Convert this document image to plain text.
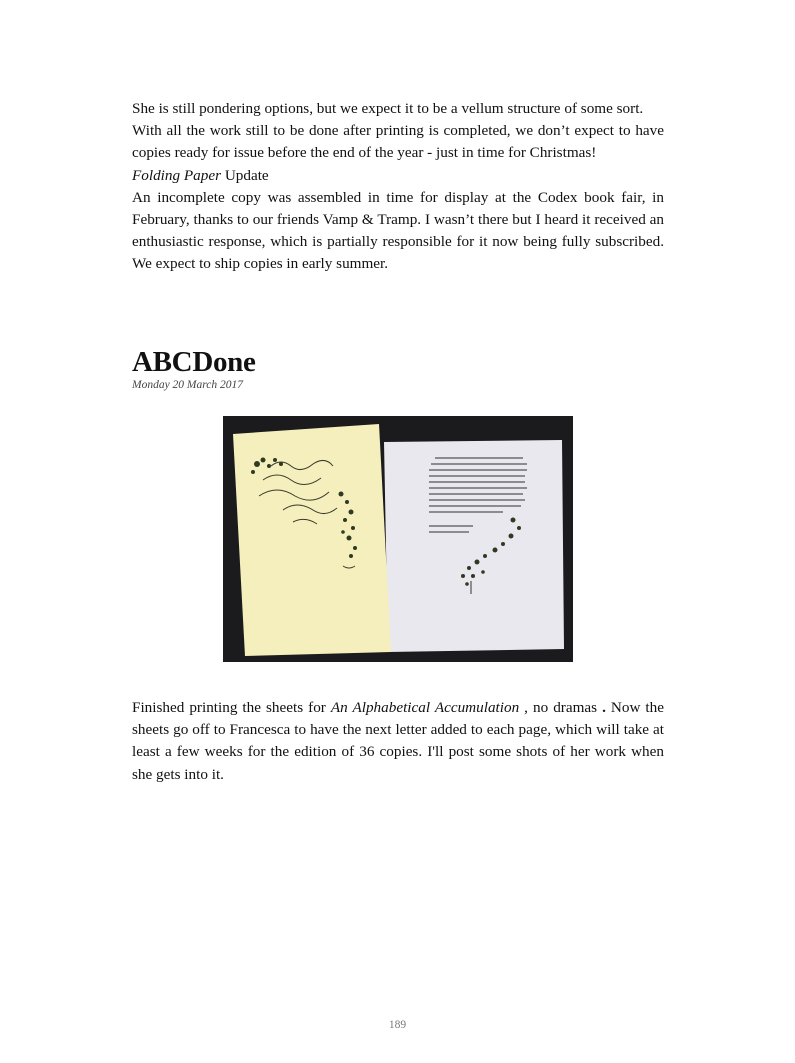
She is still pondering options, but we expect it to be a vellum structure of some sort.

With all the work still to be done after printing is completed, we don’t expect to have copies ready for issue before the end of the year - just in time for Christmas!

Folding Paper Update

An incomplete copy was assembled in time for display at the Codex book fair, in February, thanks to our friends Vamp & Tramp. I wasn’t there but I heard it received an enthusiastic response, which is partially responsible for it now being fully subscribed. We expect to ship copies in early summer.

ABCDone
Monday 20 March 2017

Finished printing the sheets for An Alphabetical Accumulation , no dramas . Now the sheets go off to Francesca to have the next letter added to each page, which will take at least a few weeks for the edition of 36 copies. I'll post some shots of her work when she gets into it.

189
